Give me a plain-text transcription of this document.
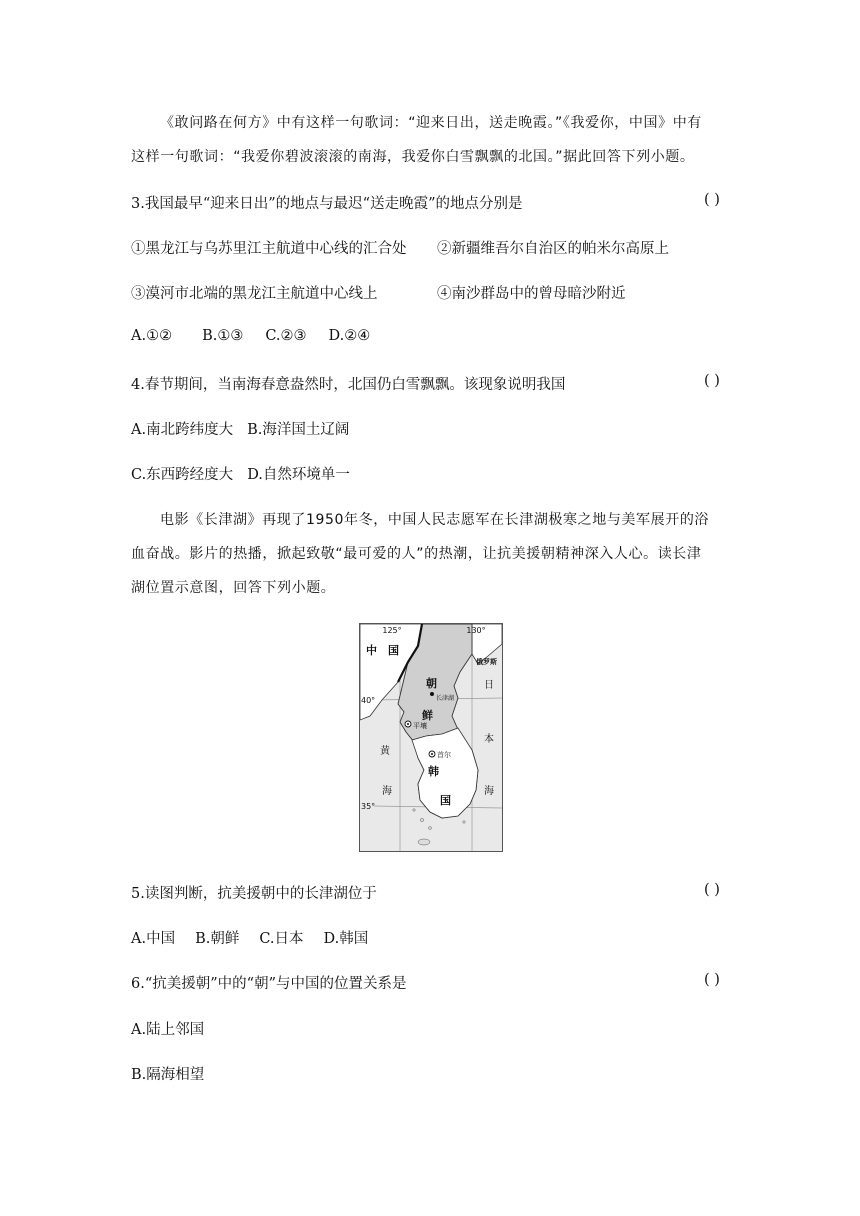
《敢问路在何方》中有这样一句歌词：“迎来日出，送走晚霞。”《我爱你，中国》中有
这样一句歌词：“我爱你碧波滚滚的南海，我爱你白雪飘飘的北国。”据此回答下列小题。
3.我国最早“迎来日出”的地点与最迟“送走晚霞”的地点分别是	( )
①黑龙江与乌苏里江主航道中心线的汇合处 ②新疆维吾尔自治区的帕米尔高原上
③漠河市北端的黑龙江主航道中心线上	④南沙群岛中的曾母暗沙附近
A.①② B.①③ C.②③ D.②④
4.春节期间，当南海春意盎然时，北国仍白雪飘飘。该现象说明我国	( )
A.南北跨纬度大 B.海洋国土辽阔
C.东西跨经度大 D.自然环境单一
电影《长津湖》再现了1950年冬，中国人民志愿军在长津湖极寒之地与美军展开的浴
血奋战。影片的热播，掀起致敬“最可爱的人”的热潮，让抗美援朝精神深入人心。读长津
湖位置示意图，回答下列小题。
125°	130°
40°
35°
中　国
俄罗斯
朝
长津湖
鲜
平壤
首尔
韩
国
黄
海
日
本
海
5.读图判断，抗美援朝中的长津湖位于	( )
A.中国 B.朝鲜 C.日本 D.韩国
6.“抗美援朝”中的“朝”与中国的位置关系是	( )
A.陆上邻国
B.隔海相望
